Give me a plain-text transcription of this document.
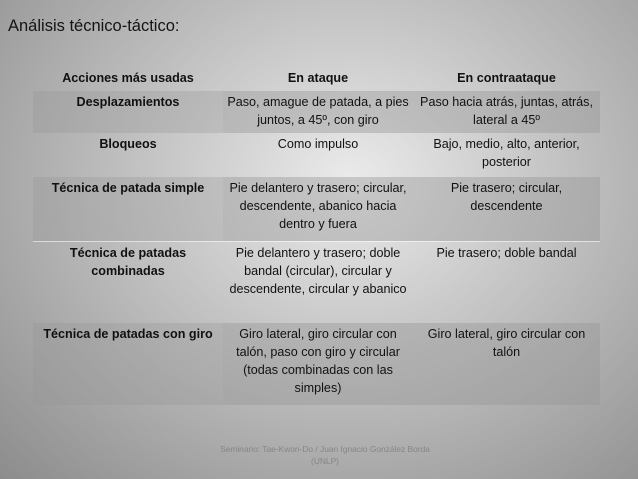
Análisis técnico-táctico:
Acciones más usadas	En ataque	En contraataque
Desplazamientos	Paso, amague de patada, a pies juntos, a 45º, con giro	Paso hacia atrás, juntas, atrás, lateral a 45º
Bloqueos	Como impulso	Bajo, medio, alto, anterior, posterior
Técnica de patada simple	Pie delantero y trasero; circular, descendente, abanico hacia dentro y fuera	Pie trasero; circular, descendente
Técnica de patadas combinadas	Pie delantero y trasero; doble bandal (circular), circular y descendente, circular y abanico	Pie trasero; doble bandal
Técnica de patadas con giro	Giro lateral, giro circular con talón, paso con giro y circular (todas combinadas con las simples)	Giro lateral, giro circular con talón
Seminario: Tae-Kwon-Do / Juan Ignacio González Borda (UNLP)
